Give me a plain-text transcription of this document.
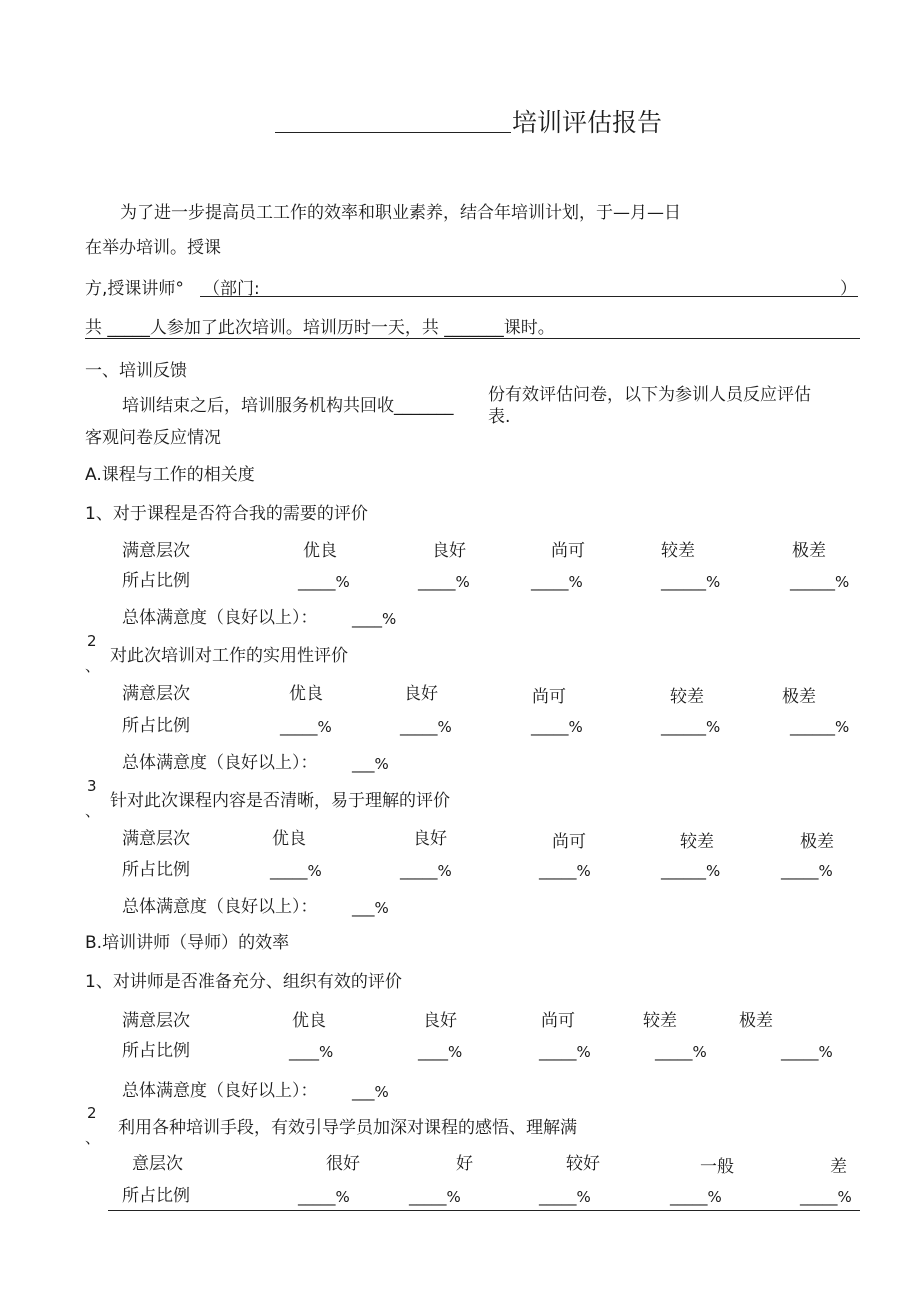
培训评估报告
为了进一步提高员工工作的效率和职业素养，结合年培训计划，于—月—日
在举办培训。授课
方,授课讲师° （部门:	）
共 _____人参加了此次培训。培训历时一天，共 _______课时。
一、培训反馈
培训结束之后，培训服务机构共回收_______
份有效评估问卷，以下为参训人员反应评估
表.
客观问卷反应情况
A.课程与工作的相关度
1、对于课程是否符合我的需要的评价
满意层次	优良	良好	尚可	较差	极差
所占比例	_____%	_____%	_____%	______%	______%
总体满意度（良好以上）： ____%
2
、 对此次培训对工作的实用性评价
满意层次	优良	良好	尚可	较差	极差
所占比例	_____%	_____%	_____%	______%	______%
总体满意度（良好以上）： ___%
3
、 针对此次课程内容是否清晰，易于理解的评价
满意层次	优良	良好	尚可	较差	极差
所占比例	_____%	_____%	_____%	______%	_____%
总体满意度（良好以上）： ___%
B.培训讲师（导师）的效率
1、对讲师是否准备充分、组织有效的评价
满意层次	优良	良好	尚可	较差	极差
所占比例	____%	____%	_____%	_____%	_____%
总体满意度（良好以上）： ___%
2
、 利用各种培训手段，有效引导学员加深对课程的感悟、理解满
意层次	很好	好	较好	一般	差
所占比例	_____%	_____%	_____%	_____%	_____%
